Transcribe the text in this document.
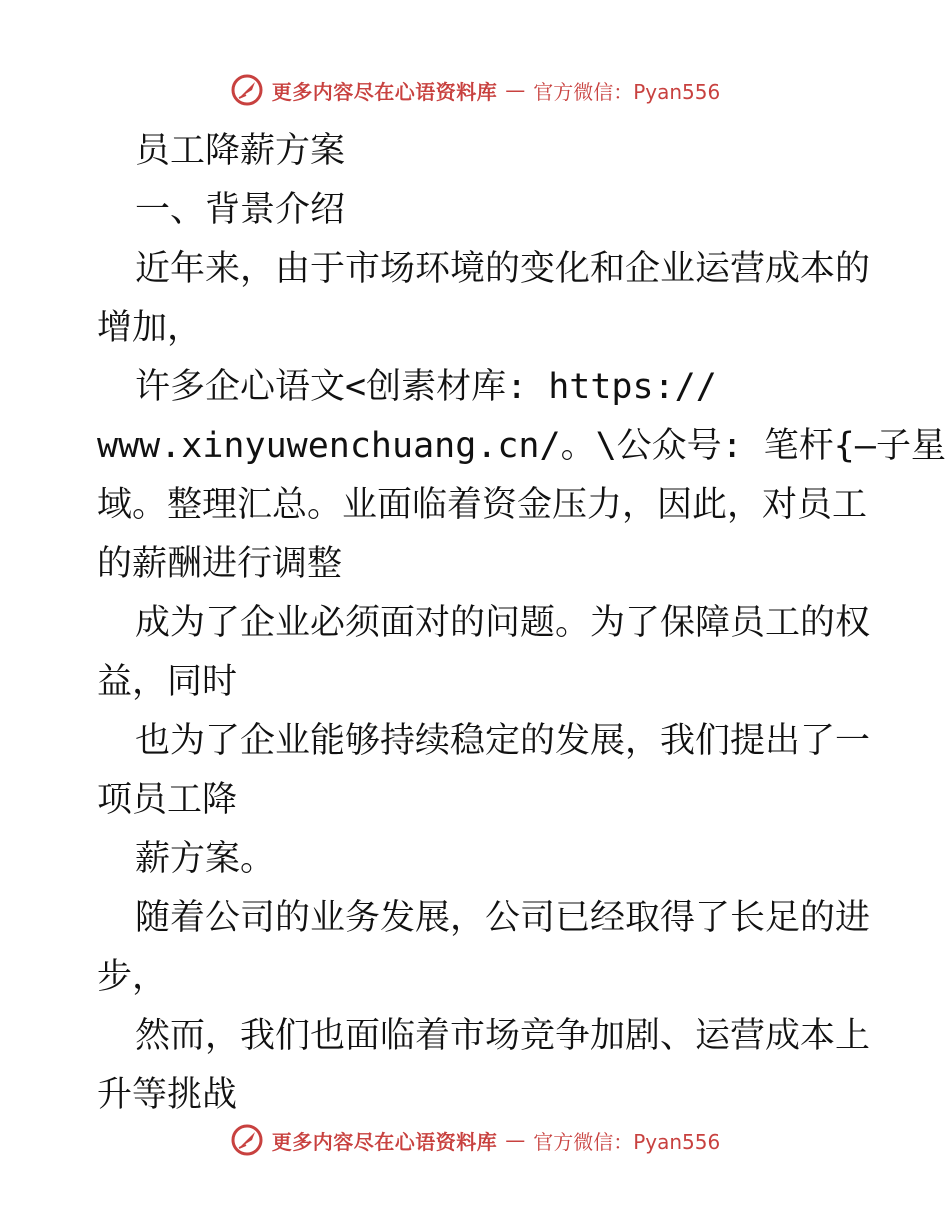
更多内容尽在心语资料库 — 官方微信：Pyan556
员工降薪方案
一、背景介绍
近年来，由于市场环境的变化和企业运营成本的
增加，
许多企心语文<创素材库: https://
www.xinyuwenchuang.cn/。\公众号: 笔杆{—子星
域。整理汇总。业面临着资金压力，因此，对员工
的薪酬进行调整
成为了企业必须面对的问题。为了保障员工的权
益，同时
也为了企业能够持续稳定的发展，我们提出了一
项员工降
薪方案。
随着公司的业务发展，公司已经取得了长足的进
步，
然而，我们也面临着市场竞争加剧、运营成本上
升等挑战
更多内容尽在心语资料库 — 官方微信：Pyan556
